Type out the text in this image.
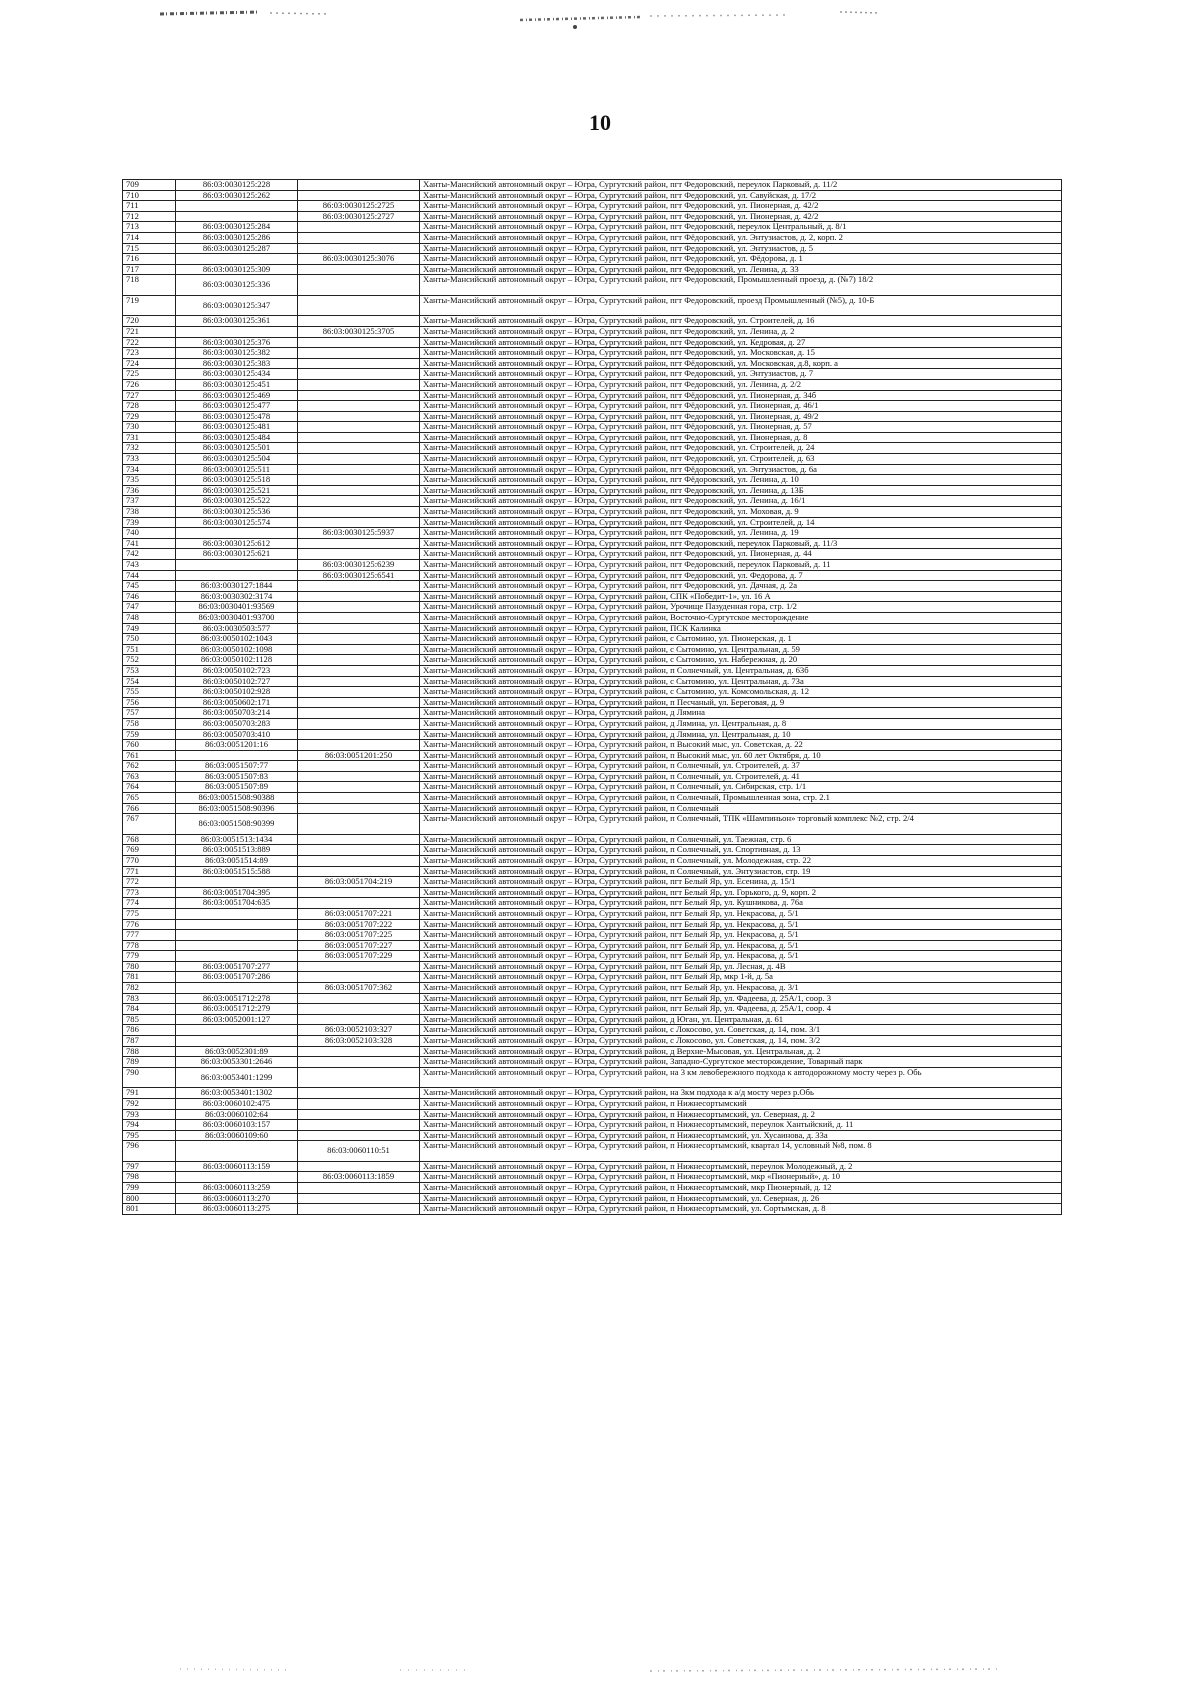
10
709	86:03:0030125:228		Ханты-Мансийский автономный округ – Югра, Сургутский район, пгт Федоровский, переулок Парковый, д. 11/2
710	86:03:0030125:262		Ханты-Мансийский автономный округ – Югра, Сургутский район, пгт Федоровский, ул. Савуйская, д. 17/2
711		86:03:0030125:2725	Ханты-Мансийский автономный округ – Югра, Сургутский район, пгт Федоровский, ул. Пионерная, д. 42/2
712		86:03:0030125:2727	Ханты-Мансийский автономный округ – Югра, Сургутский район, пгт Федоровский, ул. Пионерная, д. 42/2
713	86:03:0030125:284		Ханты-Мансийский автономный округ – Югра, Сургутский район, пгт Федоровский, переулок Центральный, д. 8/1
714	86:03:0030125:286		Ханты-Мансийский автономный округ – Югра, Сургутский район, пгт Фёдоровский, ул. Энтузиастов, д. 2, корп. 2
715	86:03:0030125:287		Ханты-Мансийский автономный округ – Югра, Сургутский район, пгт Федоровский, ул. Энтузиастов, д. 5
716		86:03:0030125:3076	Ханты-Мансийский автономный округ – Югра, Сургутский район, пгт Федоровский, ул. Фёдорова, д. 1
717	86:03:0030125:309		Ханты-Мансийский автономный округ – Югра, Сургутский район, пгт Федоровский, ул. Ленина, д. 33
718	86:03:0030125:336		Ханты-Мансийский автономный округ – Югра, Сургутский район, пгт Федоровский, Промышленный проезд, д. (№7) 18/2
719	86:03:0030125:347		Ханты-Мансийский автономный округ – Югра, Сургутский район, пгт Федоровский, проезд Промышленный (№5), д. 10-Б
720	86:03:0030125:361		Ханты-Мансийский автономный округ – Югра, Сургутский район, пгт Федоровский, ул. Строителей, д. 16
721		86:03:0030125:3705	Ханты-Мансийский автономный округ – Югра, Сургутский район, пгт Федоровский, ул. Ленина, д. 2
722	86:03:0030125:376		Ханты-Мансийский автономный округ – Югра, Сургутский район, пгт Федоровский, ул. Кедровая, д. 27
723	86:03:0030125:382		Ханты-Мансийский автономный округ – Югра, Сургутский район, пгт Федоровский, ул. Московская, д. 15
724	86:03:0030125:383		Ханты-Мансийский автономный округ – Югра, Сургутский район, пгт Фёдоровский, ул. Московская, д.8, корп. а
725	86:03:0030125:434		Ханты-Мансийский автономный округ – Югра, Сургутский район, пгт Федоровский, ул. Энтузиастов, д. 7
726	86:03:0030125:451		Ханты-Мансийский автономный округ – Югра, Сургутский район, пгт Федоровский, ул. Ленина, д. 2/2
727	86:03:0030125:469		Ханты-Мансийский автономный округ – Югра, Сургутский район, пгт Фёдоровский, ул. Пионерная, д. 34б
728	86:03:0030125:477		Ханты-Мансийский автономный округ – Югра, Сургутский район, пгт Фёдоровский, ул. Пионерная, д. 46/1
729	86:03:0030125:478		Ханты-Мансийский автономный округ – Югра, Сургутский район, пгт Федоровский, ул. Пионерная, д. 49/2
730	86:03:0030125:481		Ханты-Мансийский автономный округ – Югра, Сургутский район, пгт Фёдоровский, ул. Пионерная, д. 57
731	86:03:0030125:484		Ханты-Мансийский автономный округ – Югра, Сургутский район, пгт Федоровский, ул. Пионерная, д. 8
732	86:03:0030125:501		Ханты-Мансийский автономный округ – Югра, Сургутский район, пгт Федоровский, ул. Строителей, д. 24
733	86:03:0030125:504		Ханты-Мансийский автономный округ – Югра, Сургутский район, пгт Федоровский, ул. Строителей, д. 63
734	86:03:0030125:511		Ханты-Мансийский автономный округ – Югра, Сургутский район, пгт Фёдоровский, ул. Энтузиастов, д. 6а
735	86:03:0030125:518		Ханты-Мансийский автономный округ – Югра, Сургутский район, пгт Фёдоровский, ул. Ленина, д. 10
736	86:03:0030125:521		Ханты-Мансийский автономный округ – Югра, Сургутский район, пгт Федоровский, ул. Ленина, д. 13Б
737	86:03:0030125:522		Ханты-Мансийский автономный округ – Югра, Сургутский район, пгт Федоровский, ул. Ленина, д. 16/1
738	86:03:0030125:536		Ханты-Мансийский автономный округ – Югра, Сургутский район, пгт Федоровский, ул. Моховая, д. 9
739	86:03:0030125:574		Ханты-Мансийский автономный округ – Югра, Сургутский район, пгт Федоровский, ул. Строителей, д. 14
740		86:03:0030125:5937	Ханты-Мансийский автономный округ – Югра, Сургутский район, пгт Федоровский, ул. Ленина, д. 19
741	86:03:0030125:612		Ханты-Мансийский автономный округ – Югра, Сургутский район, пгт Федоровский, переулок Парковый, д. 11/3
742	86:03:0030125:621		Ханты-Мансийский автономный округ – Югра, Сургутский район, пгт Федоровский, ул. Пионерная, д. 44
743		86:03:0030125:6239	Ханты-Мансийский автономный округ – Югра, Сургутский район, пгт Федоровский, переулок Парковый, д. 11
744		86:03:0030125:6541	Ханты-Мансийский автономный округ – Югра, Сургутский район, пгт Федоровский, ул. Федорова, д. 7
745	86:03:0030127:1844		Ханты-Мансийский автономный округ – Югра, Сургутский район, пгт Федоровский, ул. Дачная, д. 2а
746	86:03:0030302:3174		Ханты-Мансийский автономный округ – Югра, Сургутский район, СПК «Победит-1», ул. 16 А
747	86:03:0030401:93569		Ханты-Мансийский автономный округ – Югра, Сургутский район, Урочище Пазуденная гора, стр. 1/2
748	86:03:0030401:93700		Ханты-Мансийский автономный округ – Югра, Сургутский район, Восточно-Сургутское месторождение
749	86:03:0030503:577		Ханты-Мансийский автономный округ – Югра, Сургутский район, ПСК Калинка
750	86:03:0050102:1043		Ханты-Мансийский автономный округ – Югра, Сургутский район, с Сытомино, ул. Пионерская, д. 1
751	86:03:0050102:1098		Ханты-Мансийский автономный округ – Югра, Сургутский район, с Сытомино, ул. Центральная, д. 59
752	86:03:0050102:1128		Ханты-Мансийский автономный округ – Югра, Сургутский район, с Сытомино, ул. Набережная, д. 20
753	86:03:0050102:723		Ханты-Мансийский автономный округ – Югра, Сургутский район, п Солнечный, ул. Центральная, д. 63б
754	86:03:0050102:727		Ханты-Мансийский автономный округ – Югра, Сургутский район, с Сытомино, ул. Центральная, д. 73а
755	86:03:0050102:928		Ханты-Мансийский автономный округ – Югра, Сургутский район, с Сытомино, ул. Комсомольская, д. 12
756	86:03:0050602:171		Ханты-Мансийский автономный округ – Югра, Сургутский район, п Песчаный, ул. Береговая, д. 9
757	86:03:0050703:214		Ханты-Мансийский автономный округ – Югра, Сургутский район, д Лямина
758	86:03:0050703:283		Ханты-Мансийский автономный округ – Югра, Сургутский район, д Лямина, ул. Центральная, д. 8
759	86:03:0050703:410		Ханты-Мансийский автономный округ – Югра, Сургутский район, д Лямина, ул. Центральная, д. 10
760	86:03:0051201:16		Ханты-Мансийский автономный округ – Югра, Сургутский район, п Высокий мыс, ул. Советская, д. 22
761		86:03:0051201:250	Ханты-Мансийский автономный округ – Югра, Сургутский район, п Высокий мыс, ул. 60 лет Октября, д. 10
762	86:03:0051507:77		Ханты-Мансийский автономный округ – Югра, Сургутский район, п Солнечный, ул. Строителей, д. 37
763	86:03:0051507:83		Ханты-Мансийский автономный округ – Югра, Сургутский район, п Солнечный, ул. Строителей, д. 41
764	86:03:0051507:89		Ханты-Мансийский автономный округ – Югра, Сургутский район, п Солнечный, ул. Сибирская, стр. 1/1
765	86:03:0051508:90388		Ханты-Мансийский автономный округ – Югра, Сургутский район, п Солнечный, Промышленная зона, стр. 2.1
766	86:03:0051508:90396		Ханты-Мансийский автономный округ – Югра, Сургутский район, п Солнечный
767	86:03:0051508:90399		Ханты-Мансийский автономный округ – Югра, Сургутский район, п Солнечный, ТПК «Шампиньон» торговый комплекс №2, стр. 2/4
768	86:03:0051513:1434		Ханты-Мансийский автономный округ – Югра, Сургутский район, п Солнечный, ул. Таежная, стр. 6
769	86:03:0051513:889		Ханты-Мансийский автономный округ – Югра, Сургутский район, п Солнечный, ул. Спортивная, д. 13
770	86:03:0051514:89		Ханты-Мансийский автономный округ – Югра, Сургутский район, п Солнечный, ул. Молодежная, стр. 22
771	86:03:0051515:588		Ханты-Мансийский автономный округ – Югра, Сургутский район, п Солнечный, ул. Энтузиастов, стр. 19
772		86:03:0051704:219	Ханты-Мансийский автономный округ – Югра, Сургутский район, пгт Белый Яр, ул. Есенина, д. 15/1
773	86:03:0051704:395		Ханты-Мансийский автономный округ – Югра, Сургутский район, пгт Белый Яр, ул. Горького, д. 9, корп. 2
774	86:03:0051704:635		Ханты-Мансийский автономный округ – Югра, Сургутский район, пгт Белый Яр, ул. Кушникова, д. 76а
775		86:03:0051707:221	Ханты-Мансийский автономный округ – Югра, Сургутский район, пгт Белый Яр, ул. Некрасова, д. 5/1
776		86:03:0051707:222	Ханты-Мансийский автономный округ – Югра, Сургутский район, пгт Белый Яр, ул. Некрасова, д. 5/1
777		86:03:0051707:225	Ханты-Мансийский автономный округ – Югра, Сургутский район, пгт Белый Яр, ул. Некрасова, д. 5/1
778		86:03:0051707:227	Ханты-Мансийский автономный округ – Югра, Сургутский район, пгт Белый Яр, ул. Некрасова, д. 5/1
779		86:03:0051707:229	Ханты-Мансийский автономный округ – Югра, Сургутский район, пгт Белый Яр, ул. Некрасова, д. 5/1
780	86:03:0051707:277		Ханты-Мансийский автономный округ – Югра, Сургутский район, пгт Белый Яр, ул. Лесная, д. 4В
781	86:03:0051707:286		Ханты-Мансийский автономный округ – Югра, Сургутский район, пгт Белый Яр, мкр 1-й, д. 5а
782		86:03:0051707:362	Ханты-Мансийский автономный округ – Югра, Сургутский район, пгт Белый Яр, ул. Некрасова, д. 3/1
783	86:03:0051712:278		Ханты-Мансийский автономный округ – Югра, Сургутский район, пгт Белый Яр, ул. Фадеева, д. 25А/1, соор. 3
784	86:03:0051712:279		Ханты-Мансийский автономный округ – Югра, Сургутский район, пгт Белый Яр, ул. Фадеева, д. 25А/1, соор. 4
785	86:03:0052001:127		Ханты-Мансийский автономный округ – Югра, Сургутский район, д Юган, ул. Центральная, д. 61
786		86:03:0052103:327	Ханты-Мансийский автономный округ – Югра, Сургутский район, с Локосово, ул. Советская, д. 14, пом. 3/1
787		86:03:0052103:328	Ханты-Мансийский автономный округ – Югра, Сургутский район, с Локосово, ул. Советская, д. 14, пом. 3/2
788	86:03:0052301:89		Ханты-Мансийский автономный округ – Югра, Сургутский район, д Верхне-Мысовая, ул. Центральная, д. 2
789	86:03:0053301:2646		Ханты-Мансийский автономный округ – Югра, Сургутский район, Западно-Сургутское месторождение, Товарный парк
790	86:03:0053401:1299		Ханты-Мансийский автономный округ – Югра, Сургутский район, на 3 км левобережного подхода к автодорожному мосту через р. Обь
791	86:03:0053401:1302		Ханты-Мансийский автономный округ – Югра, Сургутский район, на 3км подхода к а/д мосту через р.Обь
792	86:03:0060102:475		Ханты-Мансийский автономный округ – Югра, Сургутский район, п Нижнесортымский
793	86:03:0060102:64		Ханты-Мансийский автономный округ – Югра, Сургутский район, п Нижнесортымский, ул. Северная, д. 2
794	86:03:0060103:157		Ханты-Мансийский автономный округ – Югра, Сургутский район, п Нижнесортымский, переулок Хантыйский, д. 11
795	86:03:0060109:60		Ханты-Мансийский автономный округ – Югра, Сургутский район, п Нижнесортымский, ул. Хусаинова, д. 33а
796		86:03:0060110:51	Ханты-Мансийский автономный округ – Югра, Сургутский район, п Нижнесортымский, квартал 14, условный №8, пом. 8
797	86:03:0060113:159		Ханты-Мансийский автономный округ – Югра, Сургутский район, п Нижнесортымский, переулок Молодежный, д. 2
798		86:03:0060113:1859	Ханты-Мансийский автономный округ – Югра, Сургутский район, п Нижнесортымский, мкр «Пионерный», д. 10
799	86:03:0060113:259		Ханты-Мансийский автономный округ – Югра, Сургутский район, п Нижнесортымский, мкр Пионерный, д. 12
800	86:03:0060113:270		Ханты-Мансийский автономный округ – Югра, Сургутский район, п Нижнесортымский, ул. Северная, д. 26
801	86:03:0060113:275		Ханты-Мансийский автономный округ – Югра, Сургутский район, п Нижнесортымский, ул. Сортымская, д. 8
